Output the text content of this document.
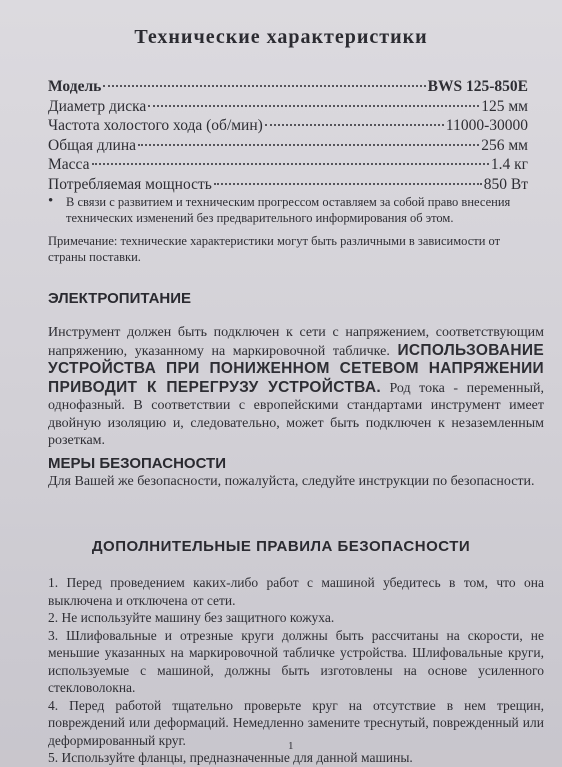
Технические характеристики
Модель	BWS 125-850E
Диаметр диска	125 мм
Частота холостого хода (об/мин)	11000-30000
Общая длина	256 мм
Масса	1.4 кг
Потребляемая мощность	850 Вт
• В связи с развитием и техническим прогрессом оставляем за собой право внесения технических изменений без предварительного информирования об этом.
Примечание: технические характеристики могут быть различными в зависимости от страны поставки.
ЭЛЕКТРОПИТАНИЕ
Инструмент должен быть подключен к сети с напряжением, соответствующим напряжению, указанному на маркировочной табличке. ИСПОЛЬЗОВАНИЕ УСТРОЙСТВА ПРИ ПОНИЖЕННОМ СЕТЕВОМ НАПРЯЖЕНИИ ПРИВОДИТ К ПЕРЕГРУЗУ УСТРОЙСТВА. Род тока - переменный, однофазный. В соответствии с европейскими стандартами инструмент имеет двойную изоляцию и, следовательно, может быть подключен к незаземленным розеткам.
МЕРЫ БЕЗОПАСНОСТИ
Для Вашей же безопасности, пожалуйста, следуйте инструкции по безопасности.
ДОПОЛНИТЕЛЬНЫЕ ПРАВИЛА БЕЗОПАСНОСТИ

1. Перед проведением каких-либо работ с машиной убедитесь в том, что она выключена и отключена от сети.

2. Не используйте машину без защитного кожуха.

3. Шлифовальные и отрезные круги должны быть рассчитаны на скорости, не меньшие указанных на маркировочной табличке устройства. Шлифовальные круги, используемые с машиной, должны быть изготовлены на основе усиленного стекловолокна.

4. Перед работой тщательно проверьте круг на отсутствие в нем трещин, повреждений или деформаций. Немедленно замените треснутый, поврежденный или деформированный круг.

5. Используйте фланцы, предназначенные для данной машины.

1
